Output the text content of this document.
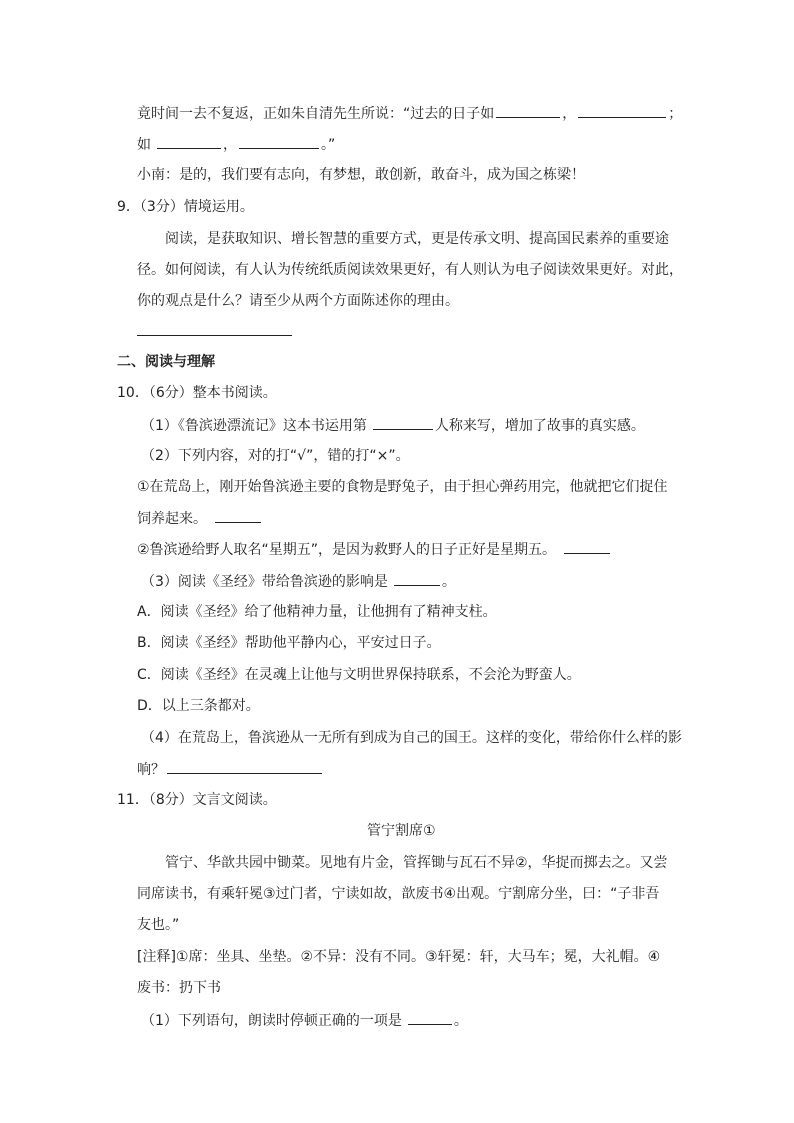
竟时间一去不复返，正如朱自清先生所说：“过去的日子如	，	；
如	，	。”
小南：是的，我们要有志向，有梦想，敢创新，敢奋斗，成为国之栋梁！
9．（3分）情境运用。
阅读，是获取知识、增长智慧的重要方式，更是传承文明、提高国民素养的重要途
径。如何阅读，有人认为传统纸质阅读效果更好，有人则认为电子阅读效果更好。对此，
你的观点是什么？请至少从两个方面陈述你的理由。
二、阅读与理解
10．（6分）整本书阅读。
（1）《鲁滨逊漂流记》这本书运用第	人称来写，增加了故事的真实感。
（2）下列内容，对的打“√”，错的打“×”。
①在荒岛上，刚开始鲁滨逊主要的食物是野兔子，由于担心弹药用完，他就把它们捉住
饲养起来。
②鲁滨逊给野人取名“星期五”，是因为救野人的日子正好是星期五。
（3）阅读《圣经》带给鲁滨逊的影响是	。
A．阅读《圣经》给了他精神力量，让他拥有了精神支柱。
B．阅读《圣经》帮助他平静内心，平安过日子。
C．阅读《圣经》在灵魂上让他与文明世界保持联系，不会沦为野蛮人。
D．以上三条都对。
（4）在荒岛上，鲁滨逊从一无所有到成为自己的国王。这样的变化，带给你什么样的影
响？
11．（8分）文言文阅读。
管宁割席①
管宁、华歆共园中锄菜。见地有片金，管挥锄与瓦石不异②，华捉而掷去之。又尝
同席读书，有乘轩冕③过门者，宁读如故，歆废书④出观。宁割席分坐，曰：“子非吾
友也。”
[注释]①席：坐具、坐垫。②不异：没有不同。③轩冕：轩，大马车；冕，大礼帽。④
废书：扔下书
（1）下列语句，朗读时停顿正确的一项是	。
